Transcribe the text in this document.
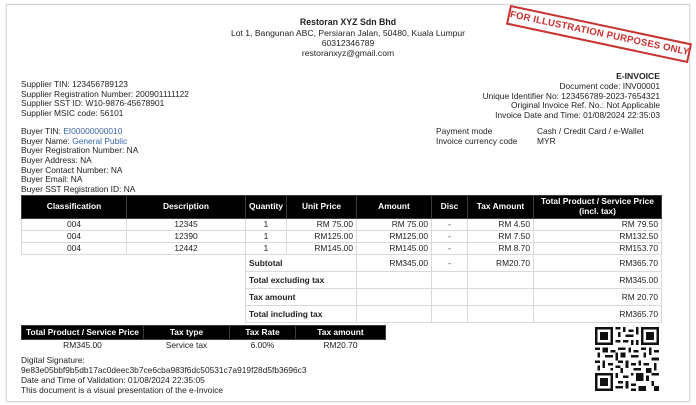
FOR ILLUSTRATION PURPOSES ONLY
Restoran XYZ Sdn Bhd
Lot 1, Bangunan ABC, Persiaran Jalan, 50480, Kuala Lumpur
60312346789
restoranxyz@gmail.com
Supplier TIN: 123456789123
Supplier Registration Number: 200901111122
Supplier SST ID: W10-9876-45678901
Supplier MSIC code: 56101
E-INVOICE
Document code: INV00001
Unique Identifier No: 123456789-2023-7654321
Original Invoice Ref. No.: Not Applicable
Invoice Date and Time: 01/08/2024 22:35:03
Buyer TIN: EI00000000010
Buyer Name: General Public
Buyer Registration Number: NA
Buyer Address: NA
Buyer Contact Number: NA
Buyer Email: NA
Buyer SST Registration ID: NA
Payment mode	Cash / Credit Card / e-Wallet
Invoice currency code	MYR
Classification	Description	Quantity	Unit Price	Amount	Disc	Tax Amount	Total Product / Service Price (incl. tax)
004	12345	1	RM 75.00	RM 75.00	-	RM 4.50	RM 79.50
004	12390	1	RM125.00	RM125.00	-	RM 7.50	RM132.50
004	12442	1	RM145.00	RM145.00	-	RM 8.70	RM153.70
		Subtotal		RM345.00	-	RM20.70	RM365.70
		Total excluding tax					RM345.00
		Tax amount					RM 20.70
		Total including tax					RM365.70
Total Product / Service Price	Tax type	Tax Rate	Tax amount
RM345.00	Service tax	6.00%	RM20.70
Digital Signature:
9e83e05bbf9b5db17ac0deec3b7ce6cba983f6dc50531c7a919f28d5fb3696c3
Date and Time of Validation: 01/08/2024 22:35:05
This document is a visual presentation of the e-Invoice
